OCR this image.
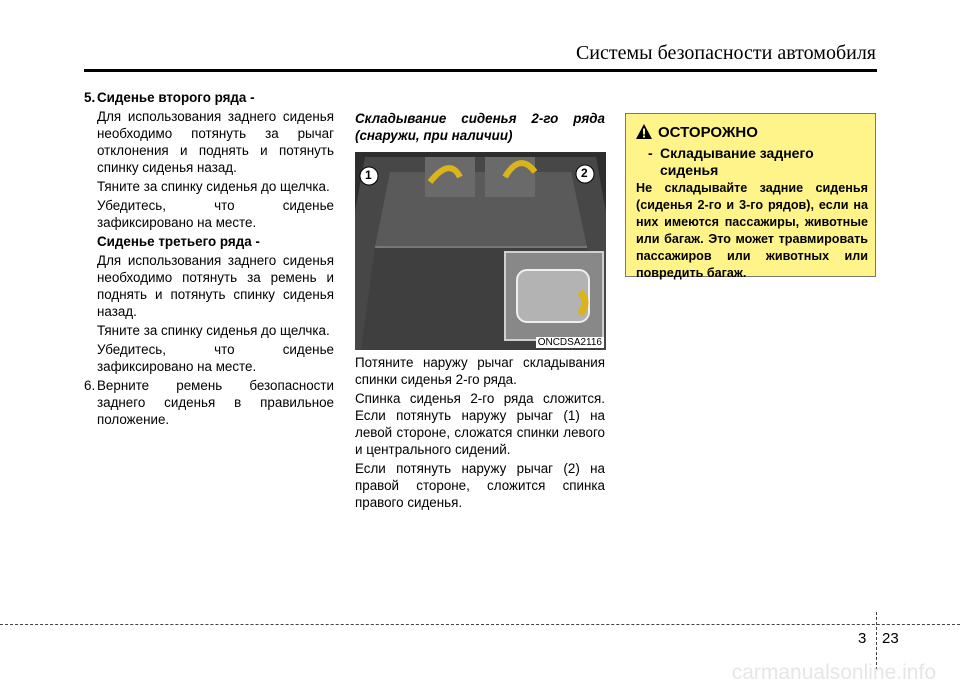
Системы безопасности автомобиля

5. Сиденье второго ряда -

Для использования заднего сиденья необходимо потянуть за рычаг отклонения и поднять и потянуть спинку сиденья назад.

Тяните за спинку сиденья до щелчка.

Убедитесь, что сиденье зафиксировано на месте.

Сиденье третьего ряда -

Для использования заднего сиденья необходимо потянуть за ремень и поднять и потянуть спинку сиденья назад.

Тяните за спинку сиденья до щелчка.

Убедитесь, что сиденье зафиксировано на месте.

6. Верните ремень безопасности заднего сиденья в правильное положение.

Складывание сиденья 2-го ряда (снаружи, при наличии)

1	2
ONCDSA2116

Потяните наружу рычаг складывания спинки сиденья 2-го ряда.

Спинка сиденья 2-го ряда сложится. Если потянуть наружу рычаг (1) на левой стороне, сложатся спинки левого и центрального сидений.

Если потянуть наружу рычаг (2) на правой стороне, сложится спинка правого сиденья.

ОСТОРОЖНО
- Складывание заднего сиденья
Не складывайте задние сиденья (сиденья 2-го и 3-го рядов), если на них имеются пассажиры, животные или багаж. Это может травмировать пассажиров или животных или повредить багаж.
3 23
carmanualsonline.info
